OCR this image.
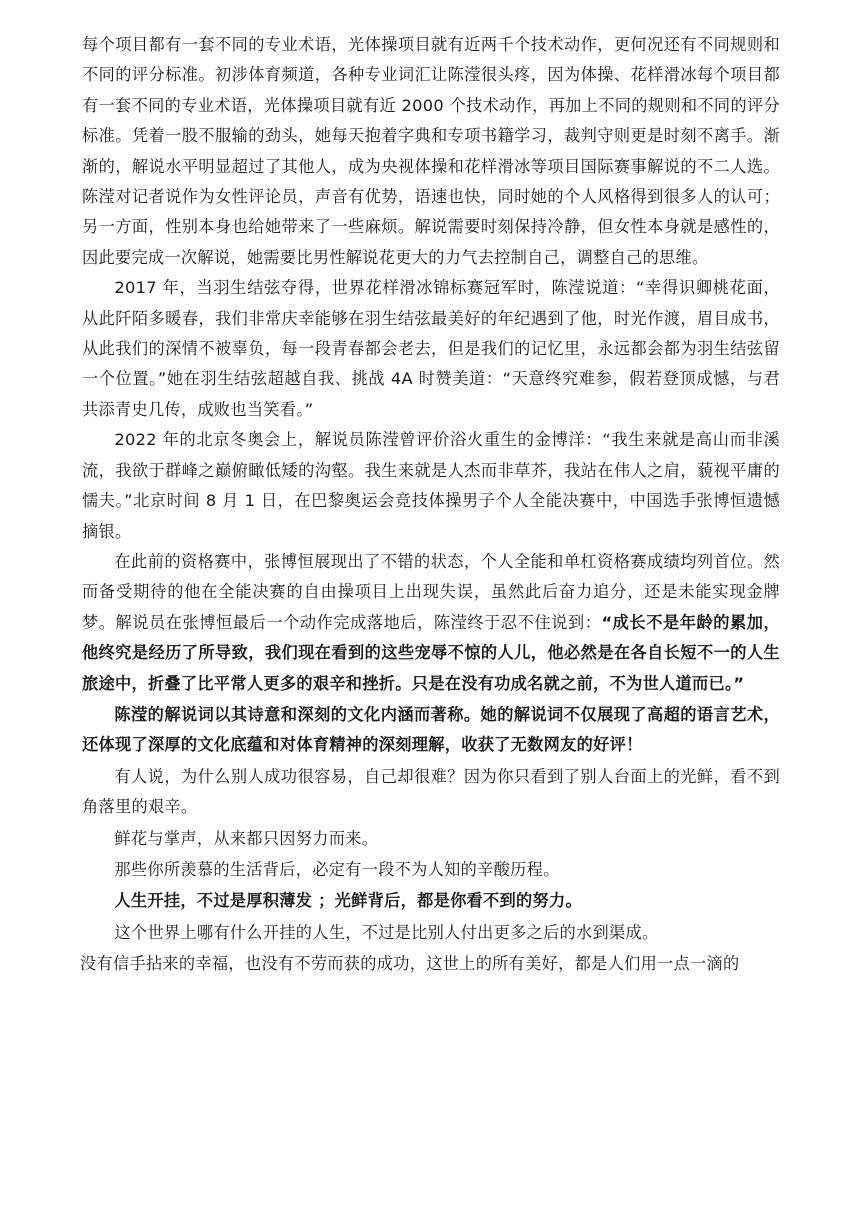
每个项目都有一套不同的专业术语，光体操项目就有近两千个技术动作，更何况还有不同规则和不同的评分标准。初涉体育频道，各种专业词汇让陈滢很头疼，因为体操、花样滑冰每个项目都有一套不同的专业术语，光体操项目就有近 2000 个技术动作，再加上不同的规则和不同的评分标准。凭着一股不服输的劲头，她每天抱着字典和专项书籍学习，裁判守则更是时刻不离手。渐渐的，解说水平明显超过了其他人，成为央视体操和花样滑冰等项目国际赛事解说的不二人选。陈滢对记者说作为女性评论员，声音有优势，语速也快，同时她的个人风格得到很多人的认可；另一方面，性别本身也给她带来了一些麻烦。解说需要时刻保持冷静，但女性本身就是感性的，因此要完成一次解说，她需要比男性解说花更大的力气去控制自己，调整自己的思维。

2017 年，当羽生结弦夺得，世界花样滑冰锦标赛冠军时，陈滢说道：“幸得识卿桃花面，从此阡陌多暖春，我们非常庆幸能够在羽生结弦最美好的年纪遇到了他，时光作渡，眉目成书，从此我们的深情不被辜负，每一段青春都会老去，但是我们的记忆里，永远都会都为羽生结弦留一个位置。”她在羽生结弦超越自我、挑战 4A 时赞美道：“天意终究难参，假若登顶成憾，与君共添青史几传，成败也当笑看。”

2022 年的北京冬奥会上，解说员陈滢曾评价浴火重生的金博洋：“我生来就是高山而非溪流，我欲于群峰之巅俯瞰低矮的沟壑。我生来就是人杰而非草芥，我站在伟人之肩，藐视平庸的懦夫。”北京时间 8 月 1 日，在巴黎奥运会竞技体操男子个人全能决赛中，中国选手张博恒遗憾摘银。

在此前的资格赛中，张博恒展现出了不错的状态，个人全能和单杠资格赛成绩均列首位。然而备受期待的他在全能决赛的自由操项目上出现失误，虽然此后奋力追分，还是未能实现金牌梦。解说员在张博恒最后一个动作完成落地后，陈滢终于忍不住说到：“成长不是年龄的累加，他终究是经历了所导致，我们现在看到的这些宠辱不惊的人儿，他必然是在各自长短不一的人生旅途中，折叠了比平常人更多的艰辛和挫折。只是在没有功成名就之前，不为世人道而已。”

陈滢的解说词以其诗意和深刻的文化内涵而著称。她的解说词不仅展现了高超的语言艺术，还体现了深厚的文化底蕴和对体育精神的深刻理解，收获了无数网友的好评！

有人说，为什么别人成功很容易，自己却很难？因为你只看到了别人台面上的光鲜，看不到角落里的艰辛。

鲜花与掌声，从来都只因努力而来。

那些你所羡慕的生活背后，必定有一段不为人知的辛酸历程。

人生开挂，不过是厚积薄发 ；光鲜背后，都是你看不到的努力。

这个世界上哪有什么开挂的人生，不过是比别人付出更多之后的水到渠成。

没有信手拈来的幸福，也没有不劳而获的成功，这世上的所有美好，都是人们用一点一滴的
